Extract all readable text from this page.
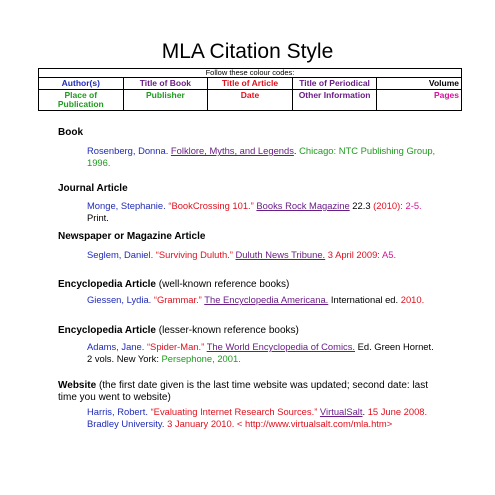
MLA Citation Style
Follow these colour codes:				
Author(s)	Title of Book	Title of Article	Title of Periodical	Volume
Place of Publication	Publisher	Date	Other Information	Pages
Book
Rosenberg, Donna. Folklore, Myths, and Legends. Chicago: NTC Publishing Group, 1996.
Journal Article
Monge, Stephanie. “BookCrossing 101.” Books Rock Magazine 22.3 (2010): 2-5. Print.
Newspaper or Magazine Article
Seglem, Daniel. “Surviving Duluth.” Duluth News Tribune. 3 April 2009: A5.
Encyclopedia Article (well-known reference books)
Giessen, Lydia. “Grammar.” The Encyclopedia Americana. International ed. 2010.
Encyclopedia Article (lesser-known reference books)
Adams, Jane. “Spider-Man.” The World Encyclopedia of Comics. Ed. Green Hornet. 2 vols. New York: Persephone, 2001.
Website (the first date given is the last time website was updated; second date: last time you went to website)
Harris, Robert. “Evaluating Internet Research Sources.” VirtualSalt. 15 June 2008. Bradley University. 3 January 2010. < http://www.virtualsalt.com/mla.htm>
